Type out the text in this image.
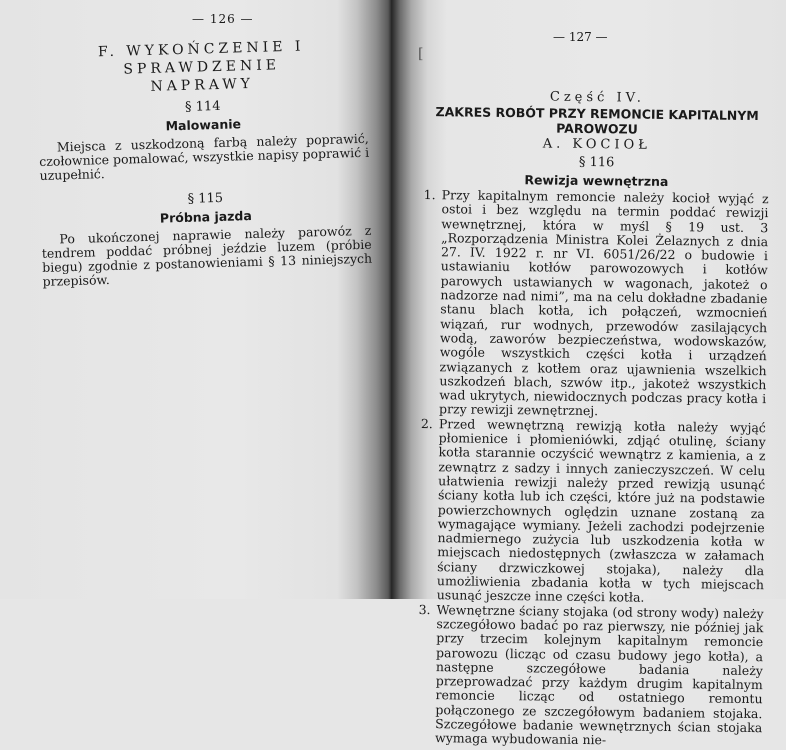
— 126 —
F. WYKOŃCZENIE I SPRAWDZENIE
NAPRAWY
§ 114
Malowanie
Miejsca z uszkodzoną farbą należy poprawić, czołownice pomalować, wszystkie napisy poprawić i uzupełnić.
§ 115
Próbna jazda
Po ukończonej naprawie należy parowóz z tendrem poddać próbnej jeździe luzem (próbie biegu) zgodnie z postanowieniami § 13 niniejszych przepisów.
[
— 127 —
Część IV.
ZAKRES ROBÓT PRZY REMONCIE KAPITALNYM
PAROWOZU
A. KOCIOŁ
§ 116
Rewizja wewnętrzna
1. Przy kapitalnym remoncie należy kocioł wyjąć z ostoi i bez względu na termin poddać rewizji wewnętrznej, która w myśl § 19 ust. 3 „Rozporządzenia Ministra Kolei Żelaznych z dnia 27. IV. 1922 r. nr VI. 6051/26/22 o budowie i ustawianiu kotłów parowozowych i kotłów parowych ustawianych w wagonach, jakoteż o nadzorze nad nimi”, ma na celu dokładne zbadanie stanu blach kotła, ich połączeń, wzmocnień wiązań, rur wodnych, przewodów zasilających wodą, zaworów bezpieczeństwa, wodowskazów, wogóle wszystkich części kotła i urządzeń związanych z kotłem oraz ujawnienia wszelkich uszkodzeń blach, szwów itp., jakoteż wszystkich wad ukrytych, niewidocznych podczas pracy kotła i przy rewizji zewnętrznej.
2. Przed wewnętrzną rewizją kotła należy wyjąć płomienice i płomieniówki, zdjąć otulinę, ściany kotła starannie oczyścić wewnątrz z kamienia, a z zewnątrz z sadzy i innych zanieczyszczeń. W celu ułatwienia rewizji należy przed rewizją usunąć ściany kotła lub ich części, które już na podstawie powierzchownych oględzin uznane zostaną za wymagające wymiany. Jeżeli zachodzi podejrzenie nadmiernego zużycia lub uszkodzenia kotła w miejscach niedostępnych (zwłaszcza w załamach ściany drzwiczkowej stojaka), należy dla umożliwienia zbadania kotła w tych miejscach usunąć jeszcze inne części kotła.
3. Wewnętrzne ściany stojaka (od strony wody) należy szczegółowo badać po raz pierwszy, nie później jak przy trzecim kolejnym kapitalnym remoncie parowozu (licząc od czasu budowy jego kotła), a następne szczegółowe badania należy przeprowadzać przy każdym drugim kapitalnym remoncie licząc od ostatniego remontu połączonego ze szczegółowym badaniem stojaka. Szczegółowe badanie wewnętrznych ścian stojaka wymaga wybudowania nie-
